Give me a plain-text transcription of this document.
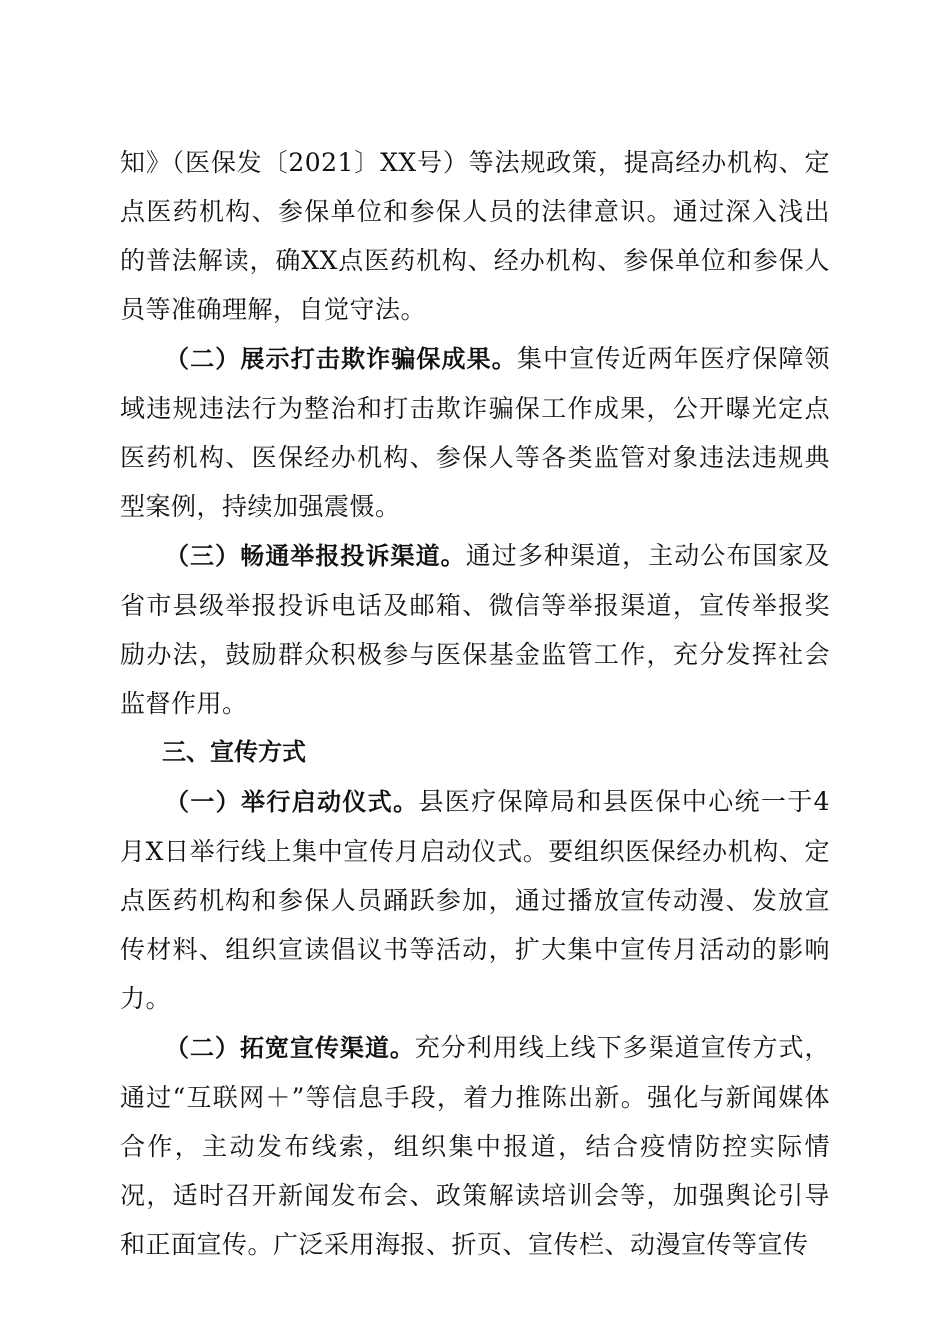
知》（医保发〔2021〕XX号）等法规政策，提高经办机构、定点医药机构、参保单位和参保人员的法律意识。通过深入浅出的普法解读，确XX点医药机构、经办机构、参保单位和参保人员等准确理解，自觉守法。

（二）展示打击欺诈骗保成果。集中宣传近两年医疗保障领域违规违法行为整治和打击欺诈骗保工作成果，公开曝光定点医药机构、医保经办机构、参保人等各类监管对象违法违规典型案例，持续加强震慑。

（三）畅通举报投诉渠道。通过多种渠道，主动公布国家及省市县级举报投诉电话及邮箱、微信等举报渠道，宣传举报奖励办法，鼓励群众积极参与医保基金监管工作，充分发挥社会监督作用。

三、宣传方式

（一）举行启动仪式。县医疗保障局和县医保中心统一于4月X日举行线上集中宣传月启动仪式。要组织医保经办机构、定点医药机构和参保人员踊跃参加，通过播放宣传动漫、发放宣传材料、组织宣读倡议书等活动，扩大集中宣传月活动的影响力。

（二）拓宽宣传渠道。充分利用线上线下多渠道宣传方式，通过“互联网＋”等信息手段，着力推陈出新。强化与新闻媒体合作，主动发布线索，组织集中报道，结合疫情防控实际情况，适时召开新闻发布会、政策解读培训会等，加强舆论引导和正面宣传。广泛采用海报、折页、宣传栏、动漫宣传等宣传
